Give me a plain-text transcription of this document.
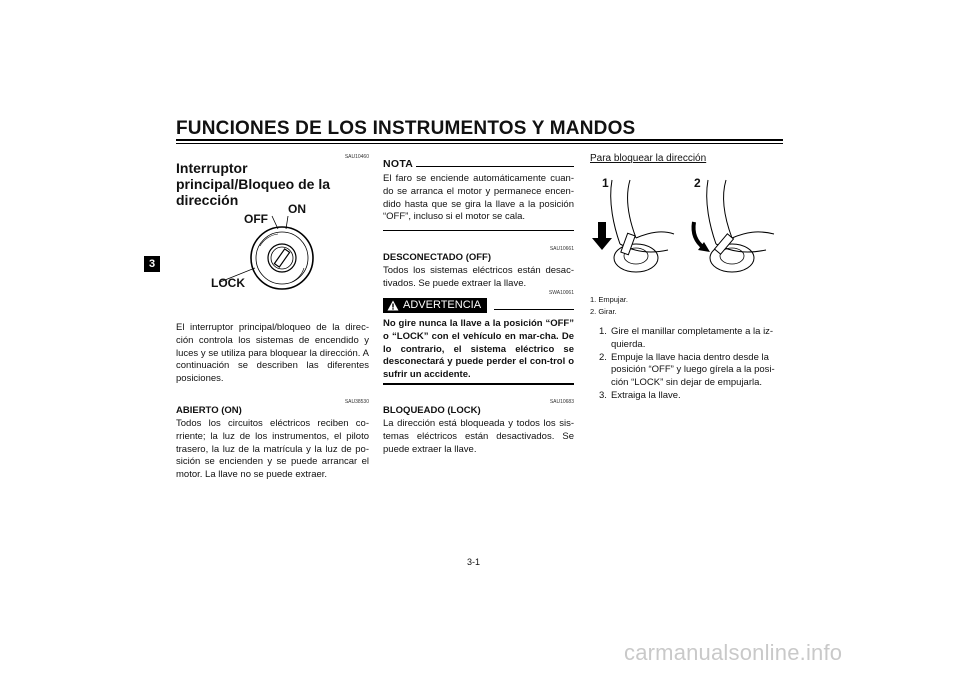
FUNCIONES DE LOS INSTRUMENTOS Y MANDOS
3
SAU10460
Interruptor principal/Bloqueo de la dirección
ON
OFF
LOCK
El interruptor principal/bloqueo de la direc-ción controla los sistemas de encendido y luces y se utiliza para bloquear la dirección. A continuación se describen las diferentes posiciones.
SAU38530
ABIERTO (ON)
Todos los circuitos eléctricos reciben co-rriente; la luz de los instrumentos, el piloto trasero, la luz de la matrícula y la luz de po-sición se encienden y se puede arrancar el motor. La llave no se puede extraer.
NOTA
El faro se enciende automáticamente cuan-do se arranca el motor y permanece encen-dido hasta que se gira la llave a la posición “OFF”, incluso si el motor se cala.
SAU10661
DESCONECTADO (OFF)
Todos los sistemas eléctricos están desac-tivados. Se puede extraer la llave.
SWA10061
ADVERTENCIA
No gire nunca la llave a la posición “OFF” o “LOCK” con el vehículo en mar-cha. De lo contrario, el sistema eléctrico se desconectará y puede perder el con-trol o sufrir un accidente.
SAU10683
BLOQUEADO (LOCK)
La dirección está bloqueada y todos los sis-temas eléctricos están desactivados. Se puede extraer la llave.
Para bloquear la dirección
1	2
1. Empujar.
2. Girar.
1. Gire el manillar completamente a la iz-quierda.
2. Empuje la llave hacia dentro desde la posición “OFF” y luego gírela a la posi-ción “LOCK” sin dejar de empujarla.
3. Extraiga la llave.
3-1
carmanualsonline.info
